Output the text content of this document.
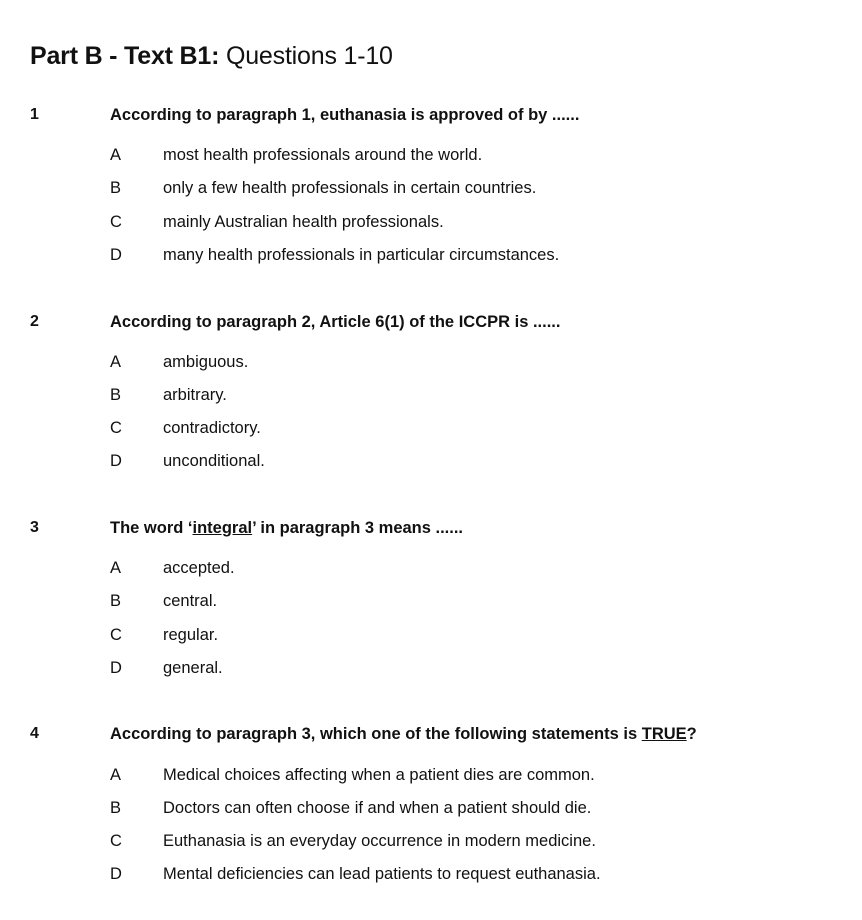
Part B - Text B1: Questions 1-10
1	According to paragraph 1, euthanasia is approved of by ......
A	most health professionals around the world.
B	only a few health professionals in certain countries.
C mainly Australian health professionals.
D many health professionals in particular circumstances.
2	According to paragraph 2, Article 6(1) of the ICCPR is ......
A	ambiguous.
B	arbitrary.
C contradictory.
D unconditional.
3	The word ‘integral’ in paragraph 3 means ......
A	accepted.
B	central.
C regular.
D general.
4	According to paragraph 3, which one of the following statements is TRUE?
A	Medical choices affecting when a patient dies are common.
B	Doctors can often choose if and when a patient should die.
C Euthanasia is an everyday occurrence in modern medicine.
D Mental deficiencies can lead patients to request euthanasia.
